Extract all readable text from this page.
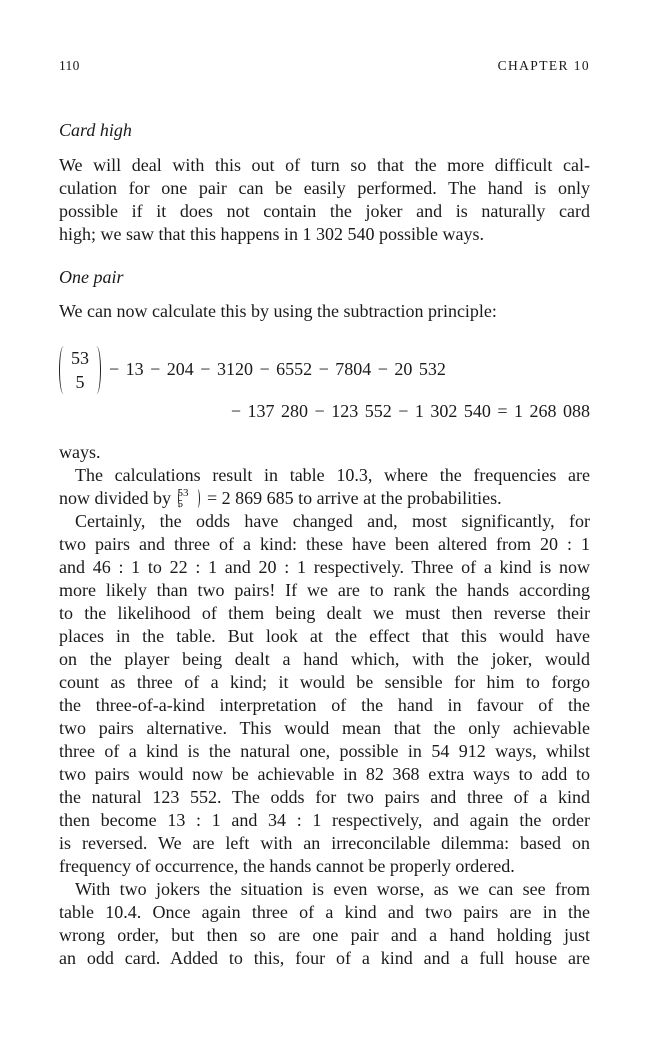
110	CHAPTER 10
Card high
We will deal with this out of turn so that the more difficult cal-
culation for one pair can be easily performed. The hand is only
possible if it does not contain the joker and is naturally card
high; we saw that this happens in 1 302 540 possible ways.
One pair
We can now calculate this by using the subtraction principle:
53
5
− 13 − 204 − 3120 − 6552 − 7804 − 20 532
− 137 280 − 123 552 − 1 302 540 = 1 268 088
ways.
The calculations result in table 10.3, where the frequencies are
now divided by 53
5	= 2 869 685 to arrive at the probabilities.
Certainly, the odds have changed and, most significantly, for
two pairs and three of a kind: these have been altered from 20 : 1
and 46 : 1 to 22 : 1 and 20 : 1 respectively. Three of a kind is now
more likely than two pairs! If we are to rank the hands according
to the likelihood of them being dealt we must then reverse their
places in the table. But look at the effect that this would have
on the player being dealt a hand which, with the joker, would
count as three of a kind; it would be sensible for him to forgo
the three-of-a-kind interpretation of the hand in favour of the
two pairs alternative. This would mean that the only achievable
three of a kind is the natural one, possible in 54 912 ways, whilst
two pairs would now be achievable in 82 368 extra ways to add to
the natural 123 552. The odds for two pairs and three of a kind
then become 13 : 1 and 34 : 1 respectively, and again the order
is reversed. We are left with an irreconcilable dilemma: based on
frequency of occurrence, the hands cannot be properly ordered.
With two jokers the situation is even worse, as we can see from
table 10.4. Once again three of a kind and two pairs are in the
wrong order, but then so are one pair and a hand holding just
an odd card. Added to this, four of a kind and a full house are
